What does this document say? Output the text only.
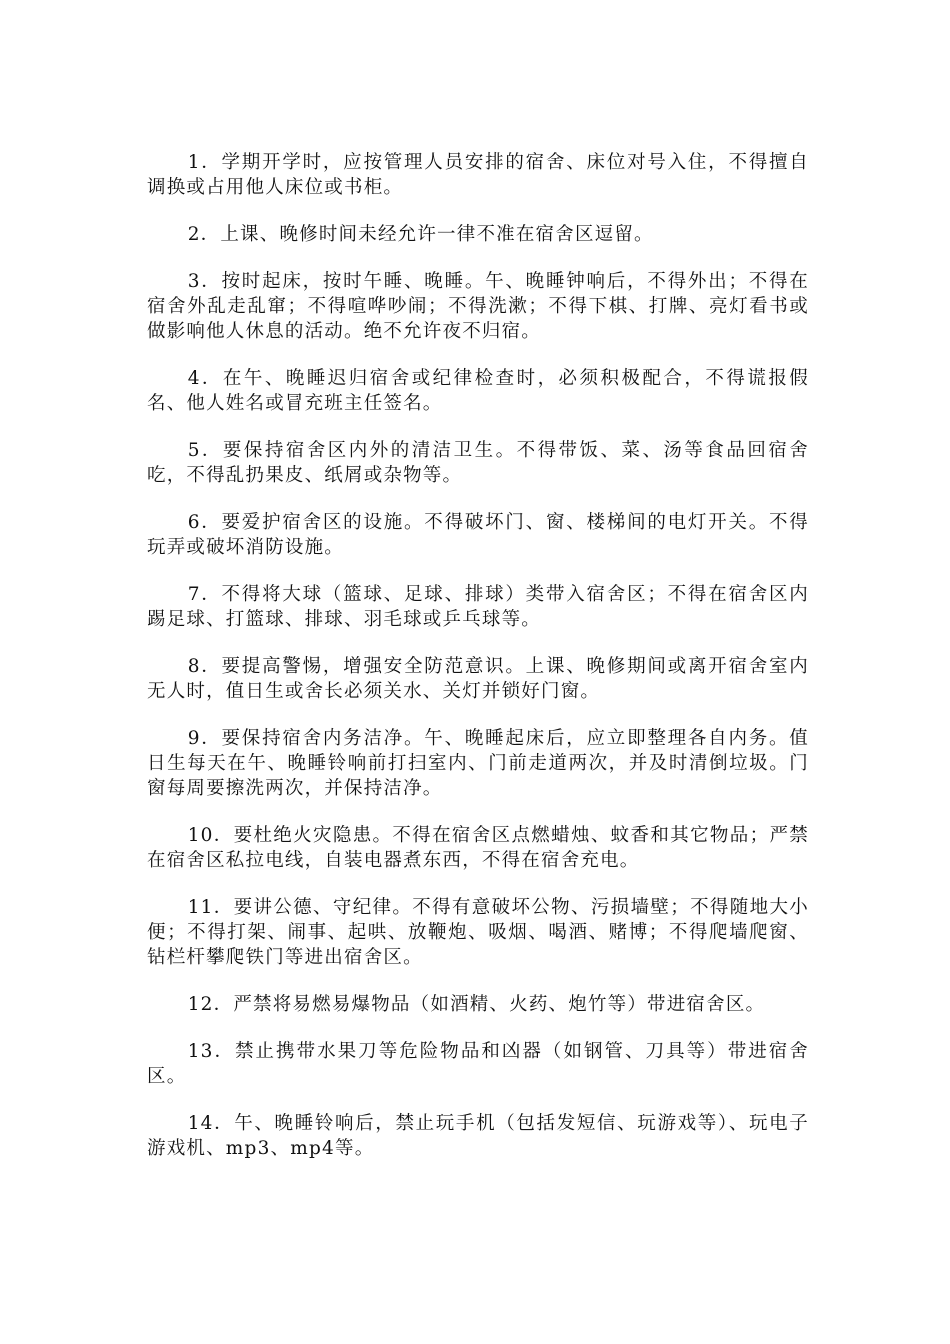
1．学期开学时，应按管理人员安排的宿舍、床位对号入住，不得擅自调换或占用他人床位或书柜。

2．上课、晚修时间未经允许一律不准在宿舍区逗留。

3．按时起床，按时午睡、晚睡。午、晚睡钟响后，不得外出；不得在宿舍外乱走乱窜；不得喧哗吵闹；不得洗漱；不得下棋、打牌、亮灯看书或做影响他人休息的活动。绝不允许夜不归宿。

4．在午、晚睡迟归宿舍或纪律检查时，必须积极配合，不得谎报假名、他人姓名或冒充班主任签名。

5．要保持宿舍区内外的清洁卫生。不得带饭、菜、汤等食品回宿舍吃，不得乱扔果皮、纸屑或杂物等。

6．要爱护宿舍区的设施。不得破坏门、窗、楼梯间的电灯开关。不得玩弄或破坏消防设施。

7．不得将大球（篮球、足球、排球）类带入宿舍区；不得在宿舍区内踢足球、打篮球、排球、羽毛球或乒乓球等。

8．要提高警惕，增强安全防范意识。上课、晚修期间或离开宿舍室内无人时，值日生或舍长必须关水、关灯并锁好门窗。

9．要保持宿舍内务洁净。午、晚睡起床后，应立即整理各自内务。值日生每天在午、晚睡铃响前打扫室内、门前走道两次，并及时清倒垃圾。门窗每周要擦洗两次，并保持洁净。

10．要杜绝火灾隐患。不得在宿舍区点燃蜡烛、蚊香和其它物品；严禁在宿舍区私拉电线，自装电器煮东西，不得在宿舍充电。

11．要讲公德、守纪律。不得有意破坏公物、污损墙壁；不得随地大小便；不得打架、闹事、起哄、放鞭炮、吸烟、喝酒、赌博；不得爬墙爬窗、钻栏杆攀爬铁门等进出宿舍区。

12．严禁将易燃易爆物品（如酒精、火药、炮竹等）带进宿舍区。

13．禁止携带水果刀等危险物品和凶器（如钢管、刀具等）带进宿舍区。

14．午、晚睡铃响后，禁止玩手机（包括发短信、玩游戏等）、玩电子游戏机、mp3、mp4等。
